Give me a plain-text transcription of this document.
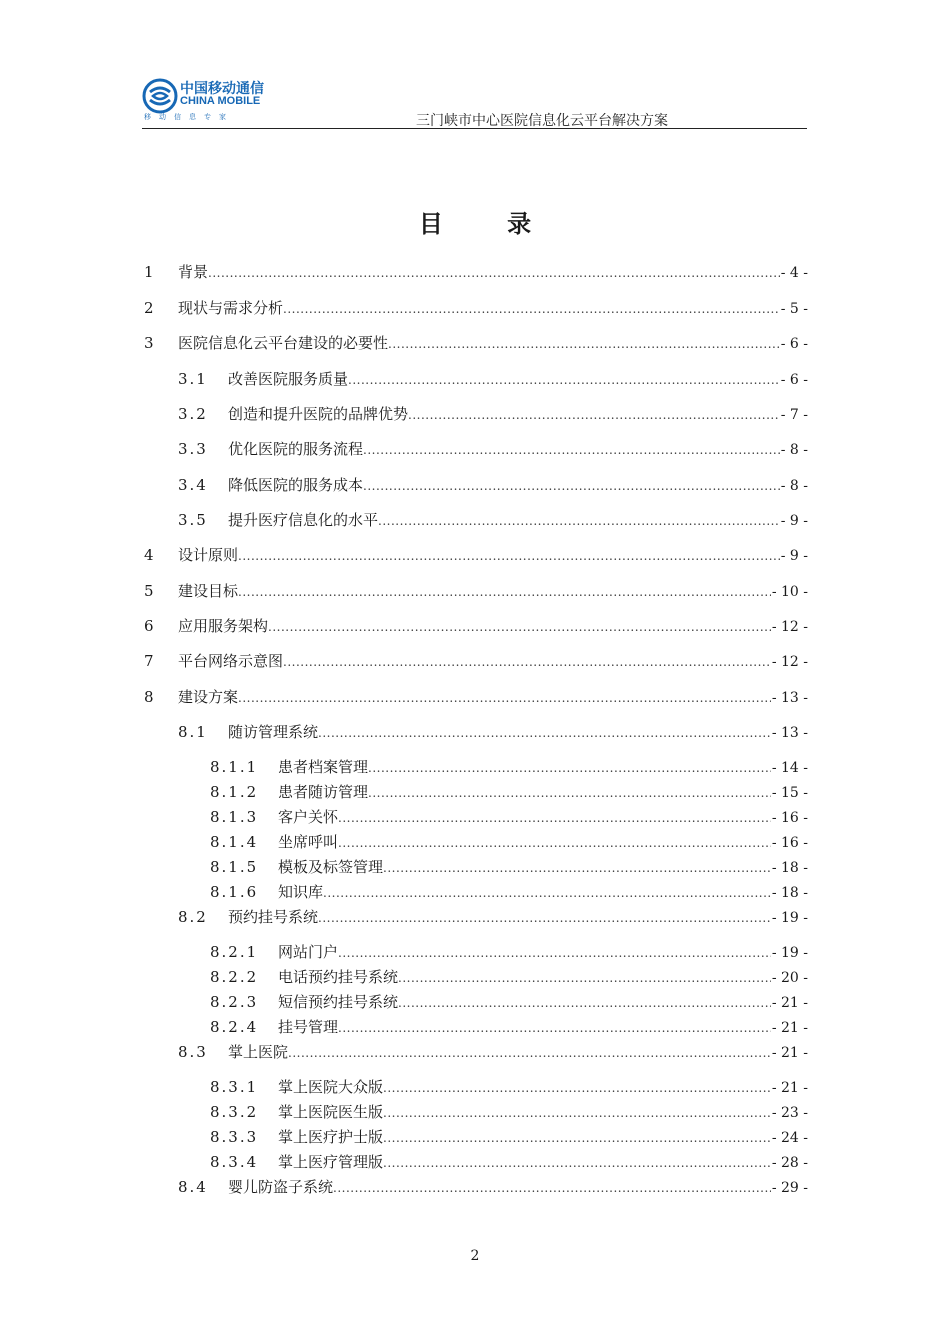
中国移动通信
CHINA MOBILE
移动信息专家	三门峡市中心医院信息化云平台解决方案
目 录
1 背景 .....	- 4 -
2 现状与需求分析 .....	- 5 -
3 医院信息化云平台建设的必要性 .....	- 6 -
3.1 改善医院服务质量 .....	- 6 -
3.2 创造和提升医院的品牌优势 .....	- 7 -
3.3 优化医院的服务流程 .....	- 8 -
3.4 降低医院的服务成本 .....	- 8 -
3.5 提升医疗信息化的水平 .....	- 9 -
4 设计原则 .....	- 9 -
5 建设目标 .....	- 10 -
6 应用服务架构 .....	- 12 -
7 平台网络示意图 .....	- 12 -
8 建设方案 .....	- 13 -
8.1 随访管理系统 .....	- 13 -
8.1.1 患者档案管理 .....	- 14 -
8.1.2 患者随访管理 .....	- 15 -
8.1.3 客户关怀 .....	- 16 -
8.1.4 坐席呼叫 .....	- 16 -
8.1.5 模板及标签管理 .....	- 18 -
8.1.6 知识库 .....	- 18 -
8.2 预约挂号系统 .....	- 19 -
8.2.1 网站门户 .....	- 19 -
8.2.2 电话预约挂号系统 .....	- 20 -
8.2.3 短信预约挂号系统 .....	- 21 -
8.2.4 挂号管理 .....	- 21 -
8.3 掌上医院 .....	- 21 -
8.3.1 掌上医院大众版 .....	- 21 -
8.3.2 掌上医院医生版 .....	- 23 -
8.3.3 掌上医疗护士版 .....	- 24 -
8.3.4 掌上医疗管理版 .....	- 28 -
8.4 婴儿防盗子系统 .....	- 29 -
2
